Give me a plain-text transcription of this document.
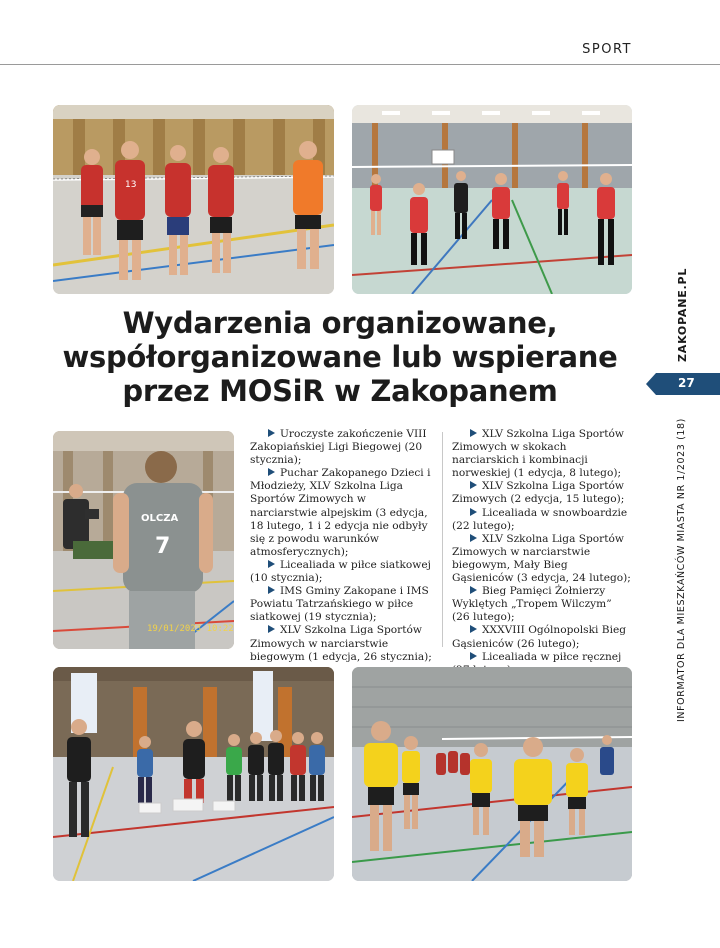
SPORT
13
Wydarzenia organizowane,
współorganizowane lub wspierane
przez MOSiR w Zakopanem
OLCZA
7
19/01/2023 10:22
Uroczyste zakończenie VIII Zakopiańskiej Ligi Biegowej (20 stycznia);
Puchar Zakopanego Dzieci i Młodzieży, XLV Szkolna Liga Sportów Zimowych w narciarstwie alpejskim (3 edycja, 18 lutego, 1 i 2 edycja nie odbyły się z powodu warunków atmosferycznych);
Licealiada w piłce siatkowej (10 stycznia);
IMS Gminy Zakopane i IMS Powiatu Tatrzańskiego w piłce siatkowej (19 stycznia);
XLV Szkolna Liga Sportów Zimowych w narciarstwie biegowym (1 edycja, 26 stycznia);
XLV Szkolna Liga Sportów Zimowych w skokach narciarskich i kombinacji norweskiej (1 edycja, 8 lutego);
XLV Szkolna Liga Sportów Zimowych (2 edycja, 15 lutego);
Licealiada w snowboardzie (22 lutego);
XLV Szkolna Liga Sportów Zimowych w narciarstwie biegowym, Mały Bieg Gąsieniców (3 edycja, 24 lutego);
Bieg Pamięci Żołnierzy Wyklętych „Tropem Wilczym” (26 lutego);
XXXVIII Ogólnopolski Bieg Gąsieniców (26 lutego);
Licealiada w piłce ręcznej
ZAKOPANE.PL
27
INFORMATOR DLA MIESZKAŃCÓW MIASTA NR 1/2023 (18)
